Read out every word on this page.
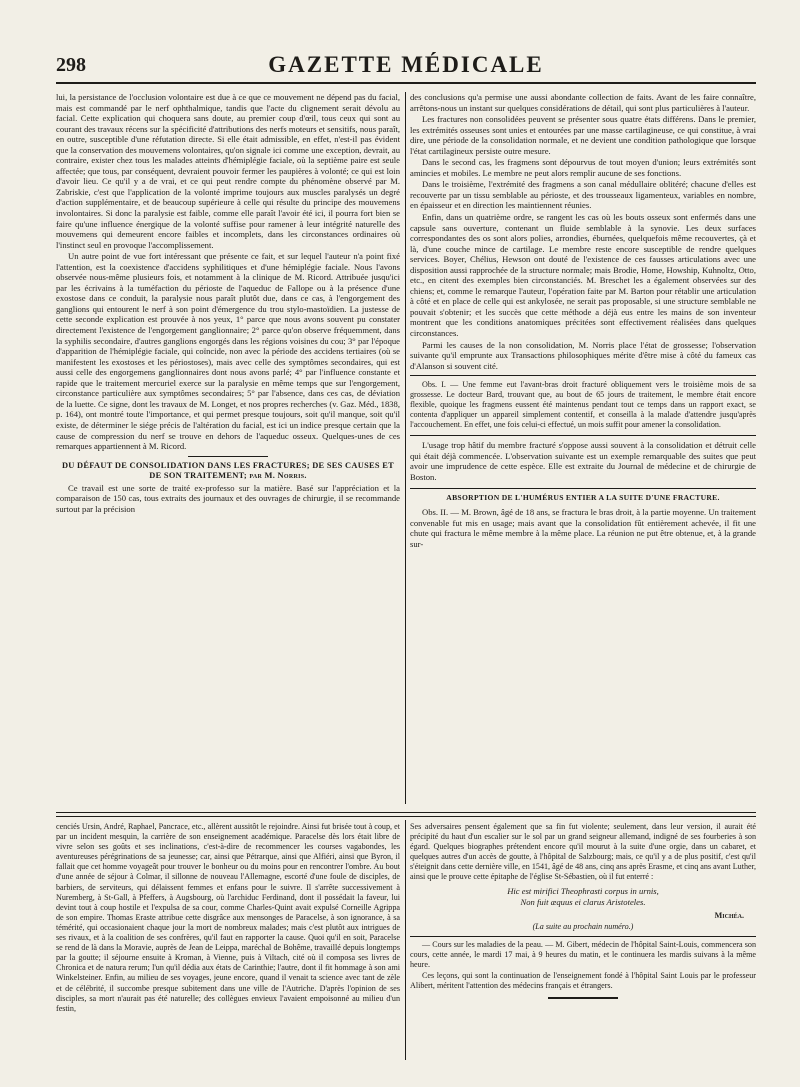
298	GAZETTE MÉDICALE

lui, la persistance de l'occlusion volontaire est due à ce que ce mouvement ne dépend pas du facial, mais est commandé par le nerf ophthalmique, tandis que l'acte du clignement serait dévolu au facial. Cette explication qui choquera sans doute, au premier coup d'œil, tous ceux qui sont au courant des travaux récens sur la spécificité d'attributions des nerfs moteurs et sensitifs, nous paraît, en outre, susceptible d'une réfutation directe. Si elle était admissible, en effet, n'est-il pas évident que la conservation des mouvemens volontaires, qu'on signale ici comme une exception, devrait, au contraire, exister chez tous les malades atteints d'hémiplégie faciale, où la septième paire est seule affectée; que tous, par conséquent, devraient pouvoir fermer les paupières à volonté; ce qui est loin d'avoir lieu. Ce qu'il y a de vrai, et ce qui peut rendre compte du phénomène observé par M. Zabriskie, c'est que l'application de la volonté imprime toujours aux muscles paralysés un degré d'action supplémentaire, et de beaucoup supérieure à celle qui résulte du principe des mouvemens involontaires. Si donc la paralysie est faible, comme elle paraît l'avoir été ici, il pourra fort bien se faire qu'une influence énergique de la volonté suffise pour ramener à leur intégrité naturelle des mouvemens qui demeurent encore faibles et incomplets, dans les circonstances ordinaires où l'instinct seul en provoque l'accomplissement.

Un autre point de vue fort intéressant que présente ce fait, et sur lequel l'auteur n'a point fixé l'attention, est la coexistence d'accidens syphilitiques et d'une hémiplégie faciale. Nous l'avons observée nous-même plusieurs fois, et notamment à la clinique de M. Ricord. Attribuée jusqu'ici par les écrivains à la tuméfaction du périoste de l'aqueduc de Fallope ou à la présence d'une exostose dans ce conduit, la paralysie nous paraît plutôt due, dans ce cas, à l'engorgement des ganglions qui entourent le nerf à son point d'émergence du trou stylo-mastoïdien. La justesse de cette seconde explication est prouvée à nos yeux, 1° parce que nous avons souvent pu constater directement l'existence de l'engorgement ganglionnaire; 2° parce qu'on observe fréquemment, dans la syphilis secondaire, d'autres ganglions engorgés dans les régions voisines du cou; 3° par l'époque d'apparition de l'hémiplégie faciale, qui coïncide, non avec la période des accidens tertiaires (où se manifestent les exostoses et les périostoses), mais avec celle des symptômes secondaires, qui est aussi celle des engorgemens ganglionnaires dont nous avons parlé; 4° par l'influence constante et rapide que le traitement mercuriel exerce sur la paralysie en même temps que sur l'engorgement, circonstance particulière aux symptômes secondaires; 5° par l'absence, dans ces cas, de déviation de la luette. Ce signe, dont les travaux de M. Longet, et nos propres recherches (v. Gaz. Méd., 1838, p. 164), ont montré toute l'importance, et qui permet presque toujours, soit qu'il manque, soit qu'il existe, de déterminer le siége précis de l'altération du facial, est ici un indice presque certain que la cause de compression du nerf se trouve en dehors de l'aqueduc osseux. Quelques-unes de ces remarques appartiennent à M. Ricord.

DU DÉFAUT DE CONSOLIDATION DANS LES FRACTURES; DE SES CAUSES ET DE SON TRAITEMENT; par M. Norris.

Ce travail est une sorte de traité ex-professo sur la matière. Basé sur l'appréciation et la comparaison de 150 cas, tous extraits des journaux et des ouvrages de chirurgie, il se recommande surtout par la précision

des conclusions qu'a permise une aussi abondante collection de faits. Avant de les faire connaître, arrêtons-nous un instant sur quelques considérations de détail, qui sont plus particulières à l'auteur.

Les fractures non consolidées peuvent se présenter sous quatre états différens. Dans le premier, les extrémités osseuses sont unies et entourées par une masse cartilagineuse, ce qui constitue, à vrai dire, une période de la consolidation normale, et ne devient une condition pathologique que lorsque l'état cartilagineux persiste outre mesure.

Dans le second cas, les fragmens sont dépourvus de tout moyen d'union; leurs extrémités sont amincies et mobiles. Le membre ne peut alors remplir aucune de ses fonctions.

Dans le troisième, l'extrémité des fragmens a son canal médullaire oblitéré; chacune d'elles est recouverte par un tissu semblable au périoste, et des trousseaux ligamenteux, variables en nombre, en épaisseur et en direction les maintiennent réunies.

Enfin, dans un quatrième ordre, se rangent les cas où les bouts osseux sont enfermés dans une capsule sans ouverture, contenant un fluide semblable à la synovie. Les deux surfaces correspondantes des os sont alors polies, arrondies, éburnées, quelquefois même recouvertes, çà et là, d'une couche mince de cartilage. Le membre reste encore susceptible de rendre quelques services. Boyer, Chélius, Hewson ont douté de l'existence de ces fausses articulations avec une disposition aussi rapprochée de la structure normale; mais Brodie, Home, Howship, Kuhnoltz, Otto, etc., en citent des exemples bien circonstanciés. M. Breschet les a également observées sur des chiens; et, comme le remarque l'auteur, l'opération faite par M. Barton pour rétablir une articulation à côté et en place de celle qui est ankylosée, ne serait pas proposable, si une structure semblable ne pouvait s'obtenir; et les succès que cette méthode a déjà eus entre les mains de son inventeur montrent que les conditions anatomiques précitées sont effectivement réalisées dans quelques circonstances.

Parmi les causes de la non consolidation, M. Norris place l'état de grossesse; l'observation suivante qu'il emprunte aux Transactions philosophiques mérite d'être mise à côté du fameux cas d'Alanson si souvent cité.

Obs. I. — Une femme eut l'avant-bras droit fracturé obliquement vers le troisième mois de sa grossesse. Le docteur Bard, trouvant que, au bout de 65 jours de traitement, le membre était encore flexible, quoique les fragmens eussent été maintenus pendant tout ce temps dans un rapport exact, se contenta d'appliquer un appareil simplement contentif, et conseilla à la malade d'attendre jusqu'après l'accouchement. En effet, une fois celui-ci effectué, un mois suffit pour amener la consolidation.

L'usage trop hâtif du membre fracturé s'oppose aussi souvent à la consolidation et détruit celle qui était déjà commencée. L'observation suivante est un exemple remarquable des suites que peut avoir une imprudence de cette espèce. Elle est extraite du Journal de médecine et de chirurgie de Boston.

ABSORPTION DE L'HUMÉRUS ENTIER A LA SUITE D'UNE FRACTURE.

Obs. II. — M. Brown, âgé de 18 ans, se fractura le bras droit, à la partie moyenne. Un traitement convenable fut mis en usage; mais avant que la consolidation fût entièrement achevée, il fit une chute qui fractura le même membre à la même place. La réunion ne put être obtenue, et, à la grande sur-

cenciés Ursin, André, Raphael, Pancrace, etc., allèrent aussitôt le rejoindre. Ainsi fut brisée tout à coup, et par un incident mesquin, la carrière de son enseignement académique. Paracelse dès lors était libre de vivre selon ses goûts et ses inclinations, c'est-à-dire de recommencer les courses vagabondes, les aventureuses pérégrinations de sa jeunesse; car, ainsi que Pétrarque, ainsi que Alfiéri, ainsi que Byron, il fallait que cet homme voyageât pour trouver le bonheur ou du moins pour en rencontrer l'ombre. Au bout d'une année de séjour à Colmar, il sillonne de nouveau l'Allemagne, escorté d'une foule de disciples, de barbiers, de serviteurs, qui délaissent femmes et enfans pour le suivre. Il s'arrête successivement à Nuremberg, à St-Gall, à Pfeffers, à Augsbourg, où l'archiduc Ferdinand, dont il possédait la faveur, lui devint tout à coup hostile et l'expulsa de sa cour, comme Charles-Quint avait expulsé Corneille Agrippa de son empire. Thomas Eraste attribue cette disgrâce aux mensonges de Paracelse, à son ignorance, à sa témérité, qui occasionaient chaque jour la mort de nombreux malades; mais c'est plutôt aux intrigues de ses rivaux, et à la coalition de ses confrères, qu'il faut en rapporter la cause. Quoi qu'il en soit, Paracelse se rend de là dans la Moravie, auprès de Jean de Leippa, maréchal de Bohême, travaillé depuis longtemps par la goutte; il séjourne ensuite à Kroman, à Vienne, puis à Viltach, cité où il composa ses livres de Chronica et de natura rerum; l'un qu'il dédia aux états de Carinthie; l'autre, dont il fit hommage à son ami Winkelsteiner. Enfin, au milieu de ses voyages, jeune encore, quand il venait ta science avec tant de zèle et de célébrité, il succombe presque subitement dans une ville de l'Autriche. D'après l'opinion de ses disciples, sa mort n'aurait pas été naturelle; des collègues envieux l'avaient empoisonné au milieu d'un festin,

Ses adversaires pensent également que sa fin fut violente; seulement, dans leur version, il aurait été précipité du haut d'un escalier sur le sol par un grand seigneur allemand, indigné de ses fourberies à son égard. Quelques biographes prétendent encore qu'il mourut à la suite d'une orgie, dans un cabaret, et quelques autres d'un accès de goutte, à l'hôpital de Salzbourg; mais, ce qu'il y a de plus positif, c'est qu'il s'éteignit dans cette dernière ville, en 1541, âgé de 48 ans, cinq ans après Erasme, et cinq ans avant Luther, ainsi que le prouve cette épitaphe de l'église St-Sébastien, où il fut enterré :

Hic est mirifici Theophrasti corpus in urnis,
Non fuit æquus ei clarus Aristoteles.
Michéa.
(La suite au prochain numéro.)

— Cours sur les maladies de la peau. — M. Gibert, médecin de l'hôpital Saint-Louis, commencera son cours, cette année, le mardi 17 mai, à 9 heures du matin, et le continuera les mardis suivans à la même heure.

Ces leçons, qui sont la continuation de l'enseignement fondé à l'hôpital Saint Louis par le professeur Alibert, méritent l'attention des médecins français et étrangers.
